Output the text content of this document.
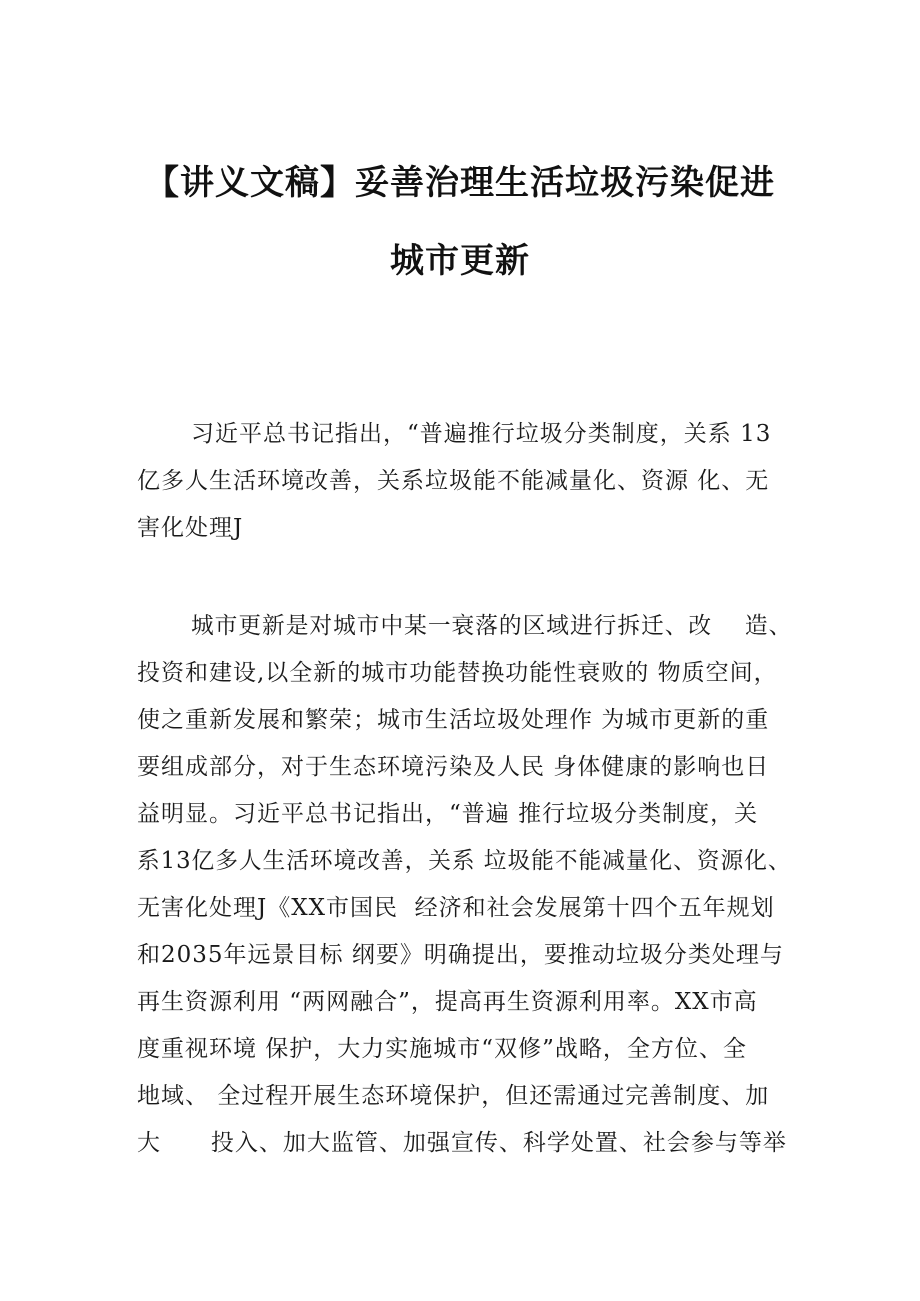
【讲义文稿】妥善治理生活垃圾污染促进
城市更新
习近平总书记指出，“普遍推行垃圾分类制度，关系 13
亿多人生活环境改善，关系垃圾能不能减量化、资源 化、无
害化处理J
城市更新是对城市中某一衰落的区域进行拆迁、改    造、
投资和建设,以全新的城市功能替换功能性衰败的 物质空间，
使之重新发展和繁荣；城市生活垃圾处理作 为城市更新的重
要组成部分，对于生态环境污染及人民 身体健康的影响也日
益明显。习近平总书记指出，“普遍 推行垃圾分类制度，关
系13亿多人生活环境改善，关系 垃圾能不能减量化、资源化、
无害化处理J《XX市国民  经济和社会发展第十四个五年规划
和2035年远景目标 纲要》明确提出，要推动垃圾分类处理与
再生资源利用 “两网融合”，提高再生资源利用率。XX市高
度重视环境 保护，大力实施城市“双修”战略，全方位、全
地域、 全过程开展生态环境保护，但还需通过完善制度、加
大      投入、加大监管、加强宣传、科学处置、社会参与等举
